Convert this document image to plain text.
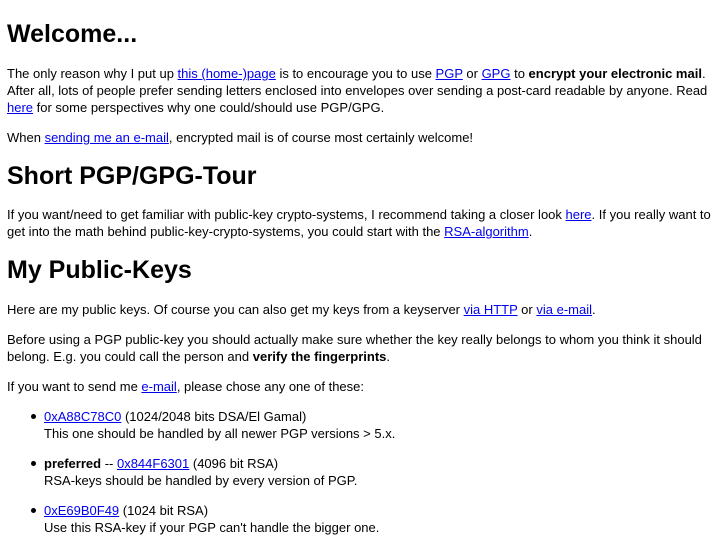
Welcome...

The only reason why I put up this (home-)page is to encourage you to use PGP or GPG to encrypt your electronic mail. After all, lots of people prefer sending letters enclosed into envelopes over sending a post-card readable by anyone. Read here for some perspectives why one could/should use PGP/GPG.

When sending me an e-mail, encrypted mail is of course most certainly welcome!

Short PGP/GPG-Tour

If you want/need to get familiar with public-key crypto-systems, I recommend taking a closer look here. If you really want to get into the math behind public-key-crypto-systems, you could start with the RSA-algorithm.

My Public-Keys

Here are my public keys. Of course you can also get my keys from a keyserver via HTTP or via e-mail.

Before using a PGP public-key you should actually make sure whether the key really belongs to whom you think it should belong. E.g. you could call the person and verify the fingerprints.

If you want to send me e-mail, please chose any one of these:

0xA88C78C0 (1024/2048 bits DSA/El Gamal)
This one should be handled by all newer PGP versions > 5.x.
preferred -- 0x844F6301 (4096 bit RSA)
RSA-keys should be handled by every version of PGP.
0xE69B0F49 (1024 bit RSA)
Use this RSA-key if your PGP can't handle the bigger one.
